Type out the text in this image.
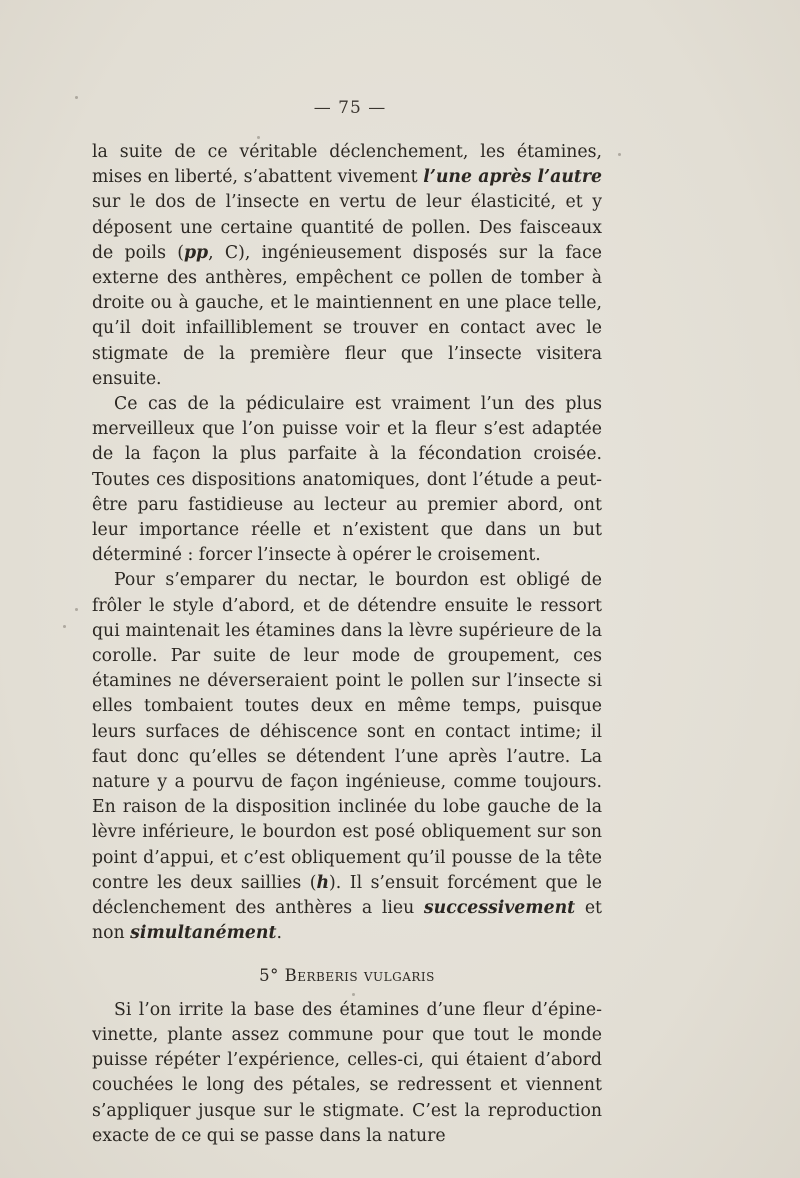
— 75 —

la suite de ce véritable déclenchement, les étamines, mises en liberté, s’abattent vivement l’une après l’autre sur le dos de l’insecte en vertu de leur élasticité, et y déposent une certaine quantité de pollen. Des faisceaux de poils (pp, C), ingénieusement disposés sur la face externe des anthères, empêchent ce pollen de tomber à droite ou à gauche, et le maintiennent en une place telle, qu’il doit infailliblement se trouver en contact avec le stigmate de la première fleur que l’insecte visitera ensuite.

Ce cas de la pédiculaire est vraiment l’un des plus merveilleux que l’on puisse voir et la fleur s’est adaptée de la façon la plus parfaite à la fécondation croisée. Toutes ces dispositions anatomiques, dont l’étude a peut-être paru fastidieuse au lecteur au premier abord, ont leur importance réelle et n’existent que dans un but déterminé : forcer l’insecte à opérer le croisement.

Pour s’emparer du nectar, le bourdon est obligé de frôler le style d’abord, et de détendre ensuite le ressort qui maintenait les étamines dans la lèvre supérieure de la corolle. Par suite de leur mode de groupement, ces étamines ne déverseraient point le pollen sur l’insecte si elles tombaient toutes deux en même temps, puisque leurs surfaces de déhiscence sont en contact intime; il faut donc qu’elles se détendent l’une après l’autre. La nature y a pourvu de façon ingénieuse, comme toujours. En raison de la disposition inclinée du lobe gauche de la lèvre inférieure, le bourdon est posé obliquement sur son point d’appui, et c’est obliquement qu’il pousse de la tête contre les deux saillies (h). Il s’ensuit forcément que le déclenchement des anthères a lieu successivement et non simultanément.

5° Berberis vulgaris

Si l’on irrite la base des étamines d’une fleur d’épine-vinette, plante assez commune pour que tout le monde puisse répéter l’expérience, celles-ci, qui étaient d’abord couchées le long des pétales, se redressent et viennent s’appliquer jusque sur le stigmate. C’est la reproduction exacte de ce qui se passe dans la nature
